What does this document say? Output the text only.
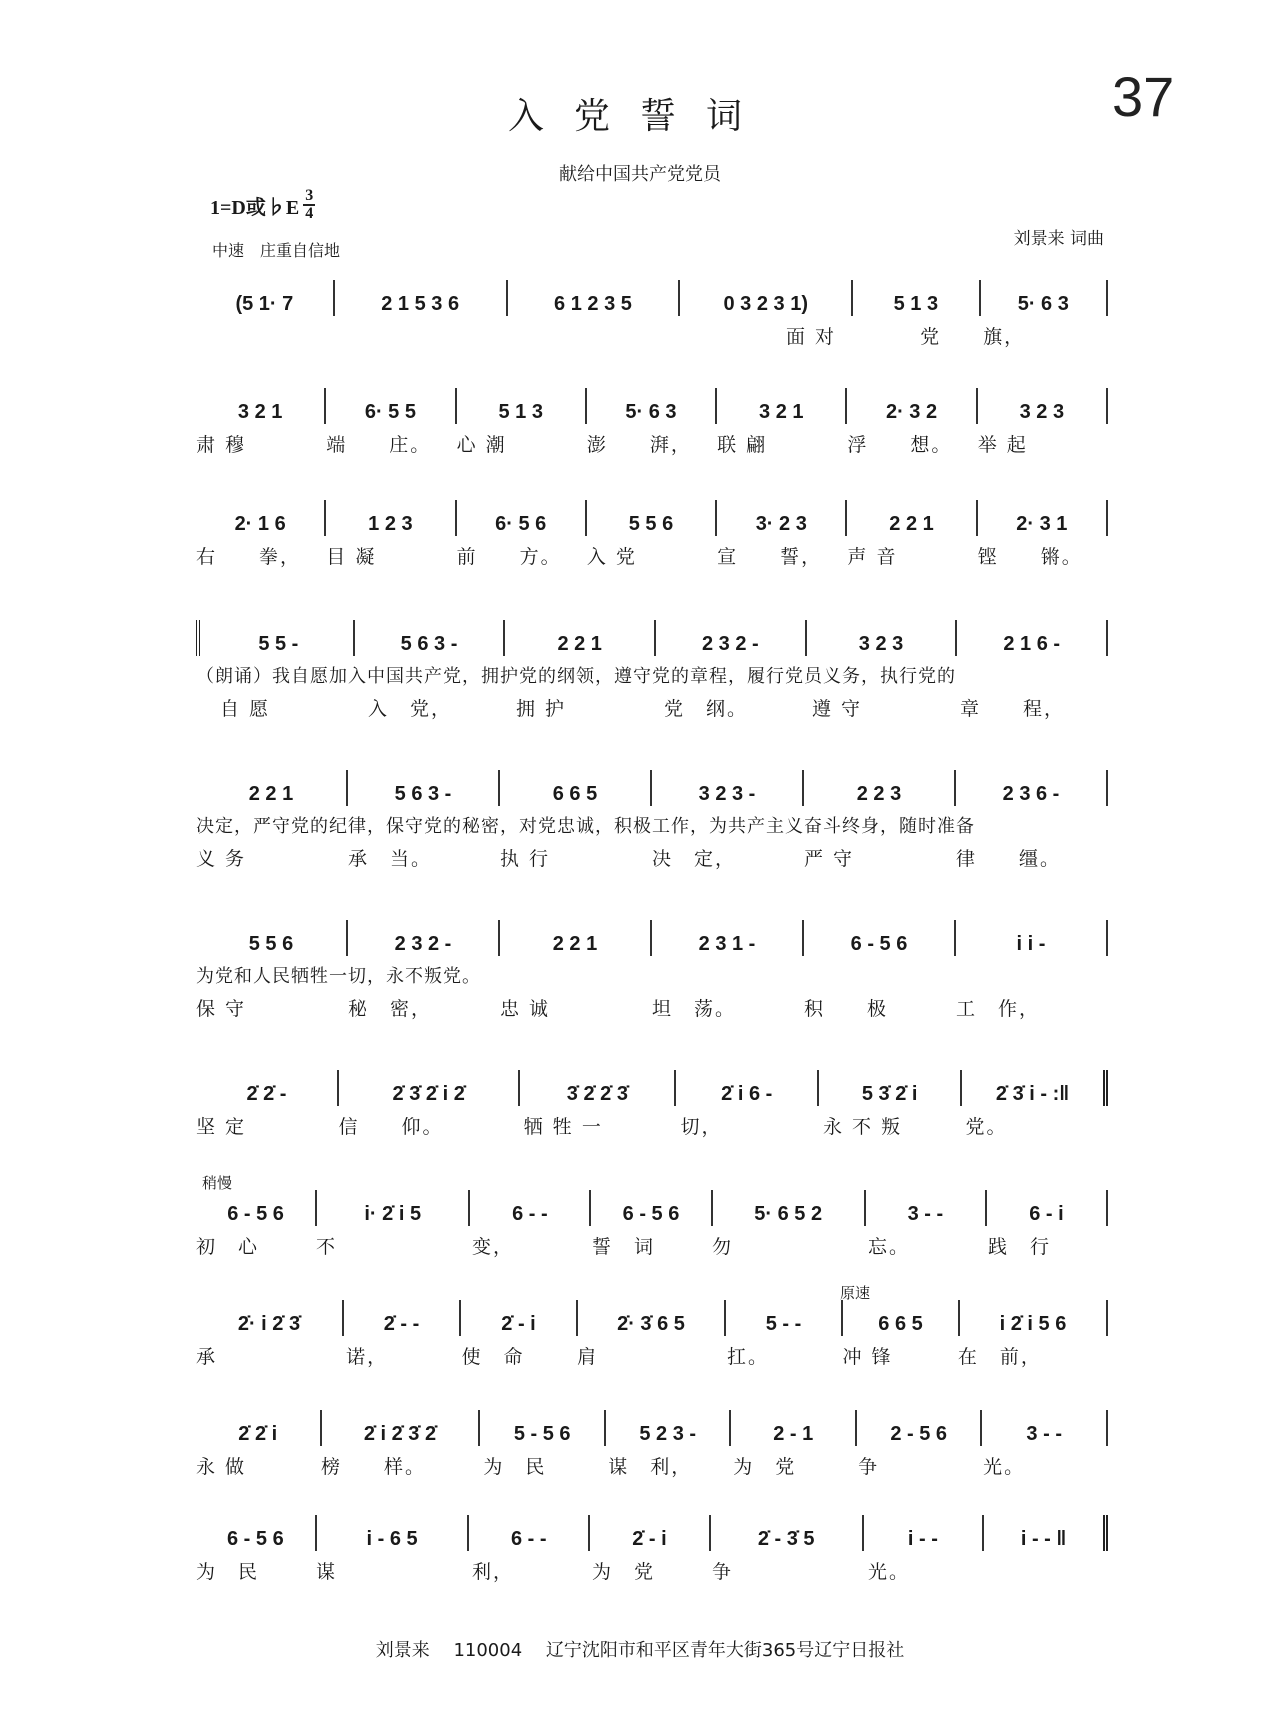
37
入党誓词
献给中国共产党党员
1=D或♭E $\frac{3}{4}$
中速　庄重自信地
刘景来 词曲
(5 1· 7	2 1 5 3 6	6 1 2 3 5	0 3 2 3 1)	5 1 3	5· 6 3
面 对　　　　	党　　旗，
3 2 1	6· 5 5	5 1 3	5· 6 3	3 2 1	2· 3 2	3 2 3
肃 穆	端　　庄。	心 潮	澎　　湃，	联 翩	浮　　想。	举 起
2· 1 6	1 2 3	6· 5 6	5 5 6	3· 2 3	2 2 1	2· 3 1
右　　拳，	目 凝	前　　方。	入 党	宣　　誓，	声 音	铿　　锵。
5 5 -	5 6 3 -	2 2 1	2 3 2 -	3 2 3	2 1 6 -
（朗诵）我自愿加入中国共产党，拥护党的纲领，遵守党的章程，履行党员义务，执行党的
自 愿	入　党，	拥 护	党　纲。	遵 守	章　　程，
2 2 1	5 6 3 -	6 6 5	3 2 3 -	2 2 3	2 3 6 -
决定，严守党的纪律，保守党的秘密，对党忠诚，积极工作，为共产主义奋斗终身，随时准备
义 务	承　当。	执 行	决　定，	严 守	律　　缰。
5 5 6	2 3 2 -	2 2 1	2 3 1 -	6 - 5 6	i i -
为党和人民牺牲一切，永不叛党。
保 守	秘　密，	忠 诚	坦　荡。	积　　极	工　作，
2̇ 2̇ -	2̇ 3̇ 2̇ i 2̇	3̇ 2̇ 2̇ 3̇	2̇ i 6 -	5 3̇ 2̇ i	2̇ 3̇ i - :‖
坚 定	信　　仰。	牺 牲 一	切，	永 不 叛	党。
稍慢
6 - 5 6	i· 2̇ i 5	6 - -	6 - 5 6	5· 6 5 2	3 - -	6 - i
初　心	不　　	变，	誓　词	勿　　	忘。	践　行
原速
2̇· i 2̇ 3̇	2̇ - -	2̇ - i	2̇· 3̇ 6 5	5 - -	6 6 5	i 2̇ i 5 6
承	诺，	使　命	肩	扛。	冲 锋	在　前，
2̇ 2̇ i	2̇ i 2̇ 3̇ 2̇	5 - 5 6	5 2 3 -	2 - 1	2 - 5 6	3 - -
永 做	榜　　样。	为　民	谋　利，	为　党	争	光。
6 - 5 6	i - 6 5	6 - -	2̇ - i	2̇ - 3̇ 5	i - -	i - - ‖
为　民	谋	利，	为　党	争	光。
刘景来 110004 辽宁沈阳市和平区青年大街365号辽宁日报社
